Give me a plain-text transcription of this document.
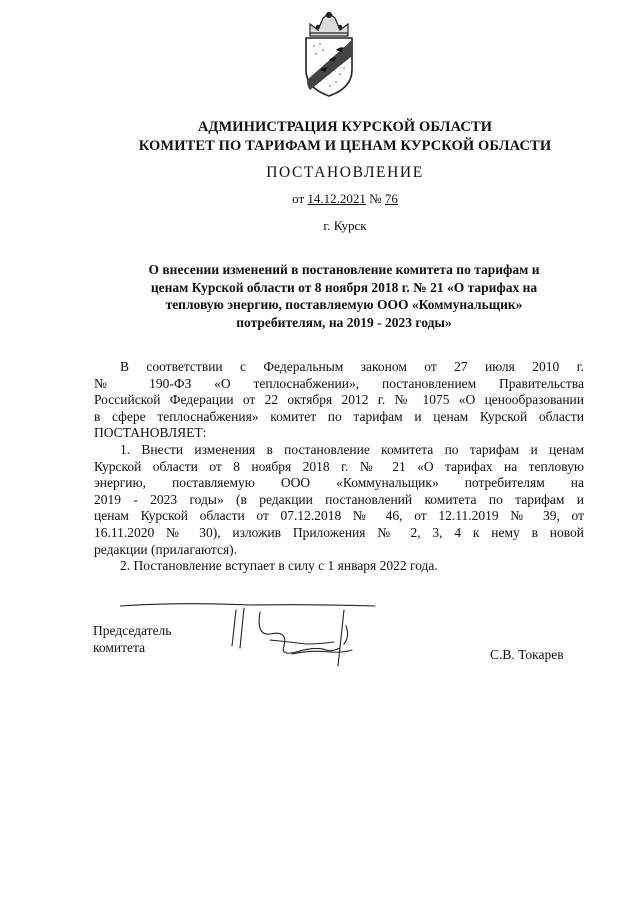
АДМИНИСТРАЦИЯ КУРСКОЙ ОБЛАСТИ
КОМИТЕТ ПО ТАРИФАМ И ЦЕНАМ КУРСКОЙ ОБЛАСТИ
ПОСТАНОВЛЕНИЕ
от 14.12.2021 № 76
г. Курск
О внесении изменений в постановление комитета по тарифам и
ценам Курской области от 8 ноября 2018 г. № 21 «О тарифах на
тепловую энергию, поставляемую ООО «Коммунальщик»
потребителям, на 2019 - 2023 годы»
В соответствии с Федеральным законом от 27 июля 2010 г.
№ 190-ФЗ «О теплоснабжении», постановлением Правительства
Российской Федерации от 22 октября 2012 г. № 1075 «О ценообразовании
в сфере теплоснабжения» комитет по тарифам и ценам Курской области
ПОСТАНОВЛЯЕТ:
1. Внести изменения в постановление комитета по тарифам и ценам
Курской области от 8 ноября 2018 г. № 21 «О тарифах на тепловую
энергию, поставляемую ООО «Коммунальщик» потребителям на
2019 - 2023 годы» (в редакции постановлений комитета по тарифам и
ценам Курской области от 07.12.2018 № 46, от 12.11.2019 № 39, от
16.11.2020 № 30), изложив Приложения № 2, 3, 4 к нему в новой
редакции (прилагаются).
2. Постановление вступает в силу с 1 января 2022 года.
Председатель
комитета	С.В. Токарев
